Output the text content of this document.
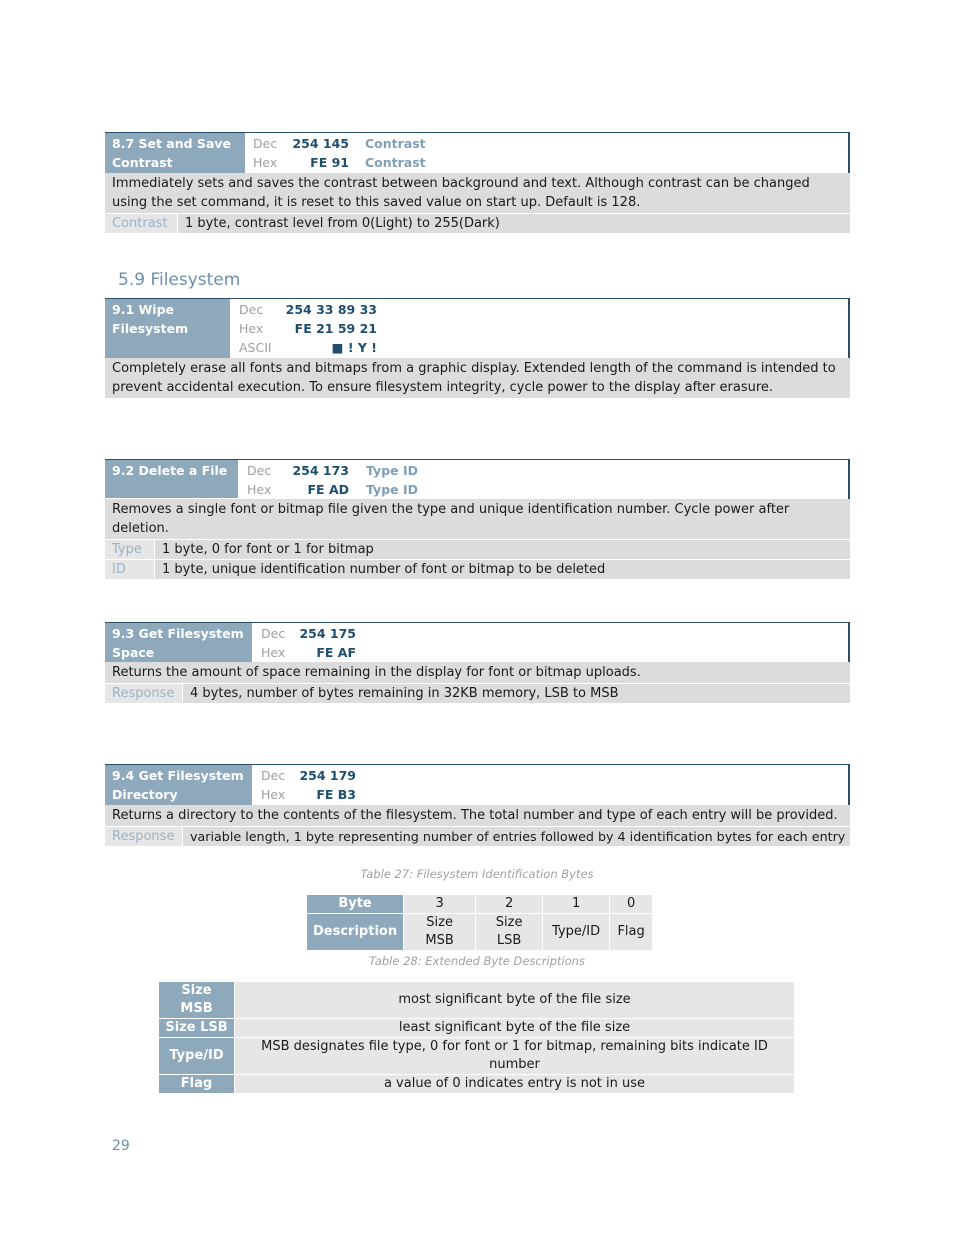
8.7 Set and Save
Contrast
Dec	254 145 Contrast
Hex	FE 91 Contrast
Immediately sets and saves the contrast between background and text. Although contrast can be changed using the set command, it is reset to this saved value on start up. Default is 128.
Contrast	1 byte, contrast level from 0(Light) to 255(Dark)
5.9 Filesystem
9.1 Wipe
Filesystem
Dec	254 33 89 33
Hex	FE 21 59 21
ASCII	■ ! Y !
Completely erase all fonts and bitmaps from a graphic display. Extended length of the command is intended to prevent accidental execution. To ensure filesystem integrity, cycle power to the display after erasure.
9.2 Delete a File Dec	254 173 Type ID
Hex	FE AD Type ID
Removes a single font or bitmap file given the type and unique identification number. Cycle power after deletion.
Type	1 byte, 0 for font or 1 for bitmap
ID	1 byte, unique identification number of font or bitmap to be deleted
9.3 Get Filesystem
Space
Dec	254 175
Hex	FE AF
Returns the amount of space remaining in the display for font or bitmap uploads.
Response	4 bytes, number of bytes remaining in 32KB memory, LSB to MSB
9.4 Get Filesystem
Directory
Dec	254 179
Hex	FE B3
Returns a directory to the contents of the filesystem. The total number and type of each entry will be provided.
Response	variable length, 1 byte representing number of entries followed by 4 identification bytes for each entry
Table 27: Filesystem Identification Bytes
Byte	3	2	1	0
Description	Size MSB	Size LSB	Type/ID	Flag
Table 28: Extended Byte Descriptions
Size MSB	most significant byte of the file size
Size LSB	least significant byte of the file size
Type/ID	MSB designates file type, 0 for font or 1 for bitmap, remaining bits indicate ID number
Flag	a value of 0 indicates entry is not in use
29
